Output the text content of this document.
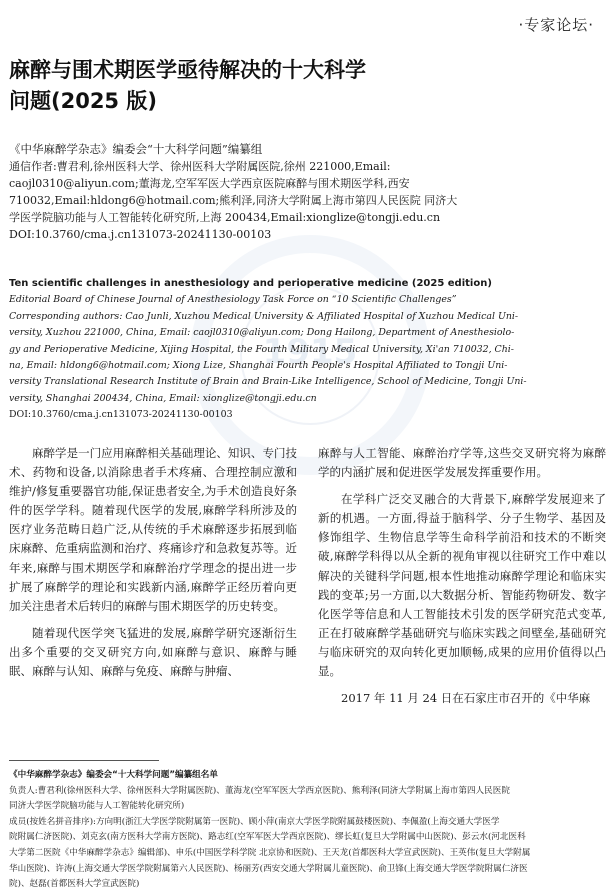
·专家论坛·
麻醉与围术期医学亟待解决的十大科学
问题(2025 版)
1915
《中华麻醉学杂志》编委会“十大科学问题”编纂组
通信作者:曹君利,徐州医科大学、徐州医科大学附属医院,徐州 221000,Email:
caojl0310@aliyun.com;董海龙,空军军医大学西京医院麻醉与围术期医学科,西安
710032,Email:hldong6@hotmail.com;熊利泽,同济大学附属上海市第四人民医院 同济大
学医学院脑功能与人工智能转化研究所,上海 200434,Email:xionglize@tongji.edu.cn
DOI:10.3760/cma.j.cn131073-20241130-00103
Ten scientific challenges in anesthesiology and perioperative medicine (2025 edition)
Editorial Board of Chinese Journal of Anesthesiology Task Force on “10 Scientific Challenges”
Corresponding authors: Cao Junli, Xuzhou Medical University & Affiliated Hospital of Xuzhou Medical Uni-
versity, Xuzhou 221000, China, Email: caojl0310@aliyun.com; Dong Hailong, Department of Anesthesiolo-
gy and Perioperative Medicine, Xijing Hospital, the Fourth Military Medical University, Xi'an 710032, Chi-
na, Email: hldong6@hotmail.com; Xiong Lize, Shanghai Fourth People's Hospital Affiliated to Tongji Uni-
versity Translational Research Institute of Brain and Brain-Like Intelligence, School of Medicine, Tongji Uni-
versity, Shanghai 200434, China, Email: xionglize@tongji.edu.cn
DOI:10.3760/cma.j.cn131073-20241130-00103

麻醉学是一门应用麻醉相关基础理论、知识、专门技术、药物和设备,以消除患者手术疼痛、合理控制应激和维护/修复重要器官功能,保证患者安全,为手术创造良好条件的医学学科。随着现代医学的发展,麻醉学科所涉及的医疗业务范畴日趋广泛,从传统的手术麻醉逐步拓展到临床麻醉、危重病监测和治疗、疼痛诊疗和急救复苏等。近年来,麻醉与围术期医学和麻醉治疗学理念的提出进一步扩展了麻醉学的理论和实践新内涵,麻醉学正经历着向更加关注患者术后转归的麻醉与围术期医学的历史转变。

随着现代医学突飞猛进的发展,麻醉学研究逐渐衍生出多个重要的交叉研究方向,如麻醉与意识、麻醉与睡眠、麻醉与认知、麻醉与免疫、麻醉与肿瘤、

麻醉与人工智能、麻醉治疗学等,这些交叉研究将为麻醉学的内涵扩展和促进医学发展发挥重要作用。

在学科广泛交叉融合的大背景下,麻醉学发展迎来了新的机遇。一方面,得益于脑科学、分子生物学、基因及修饰组学、生物信息学等生命科学前沿和技术的不断突破,麻醉学科得以从全新的视角审视以往研究工作中难以解决的关键科学问题,根本性地推动麻醉学理论和临床实践的变革;另一方面,以大数据分析、智能药物研发、数字化医学等信息和人工智能技术引发的医学研究范式变革,正在打破麻醉学基础研究与临床实践之间壁垒,基础研究与临床研究的双向转化更加顺畅,成果的应用价值得以凸显。

2017 年 11 月 24 日在石家庄市召开的《中华麻

《中华麻醉学杂志》编委会“十大科学问题”编纂组名单
负责人:曹君利(徐州医科大学、徐州医科大学附属医院)、董海龙(空军军医大学西京医院)、熊利泽(同济大学附属上海市第四人民医院
同济大学医学院脑功能与人工智能转化研究所)
成员(按姓名拼音排序):方向明(浙江大学医学院附属第一医院)、顾小萍(南京大学医学院附属鼓楼医院)、李佩盈(上海交通大学医学
院附属仁济医院)、刘克玄(南方医科大学南方医院)、路志红(空军军医大学西京医院)、缪长虹(复旦大学附属中山医院)、彭云水(河北医科
大学第二医院《中华麻醉学杂志》编辑部)、申乐(中国医学科学院 北京协和医院)、王天龙(首都医科大学宣武医院)、王英伟(复旦大学附属
华山医院)、许涛(上海交通大学医学院附属第六人民医院)、杨丽芳(西安交通大学附属儿童医院)、俞卫锋(上海交通大学医学院附属仁济医
院)、赵磊(首都医科大学宣武医院)
